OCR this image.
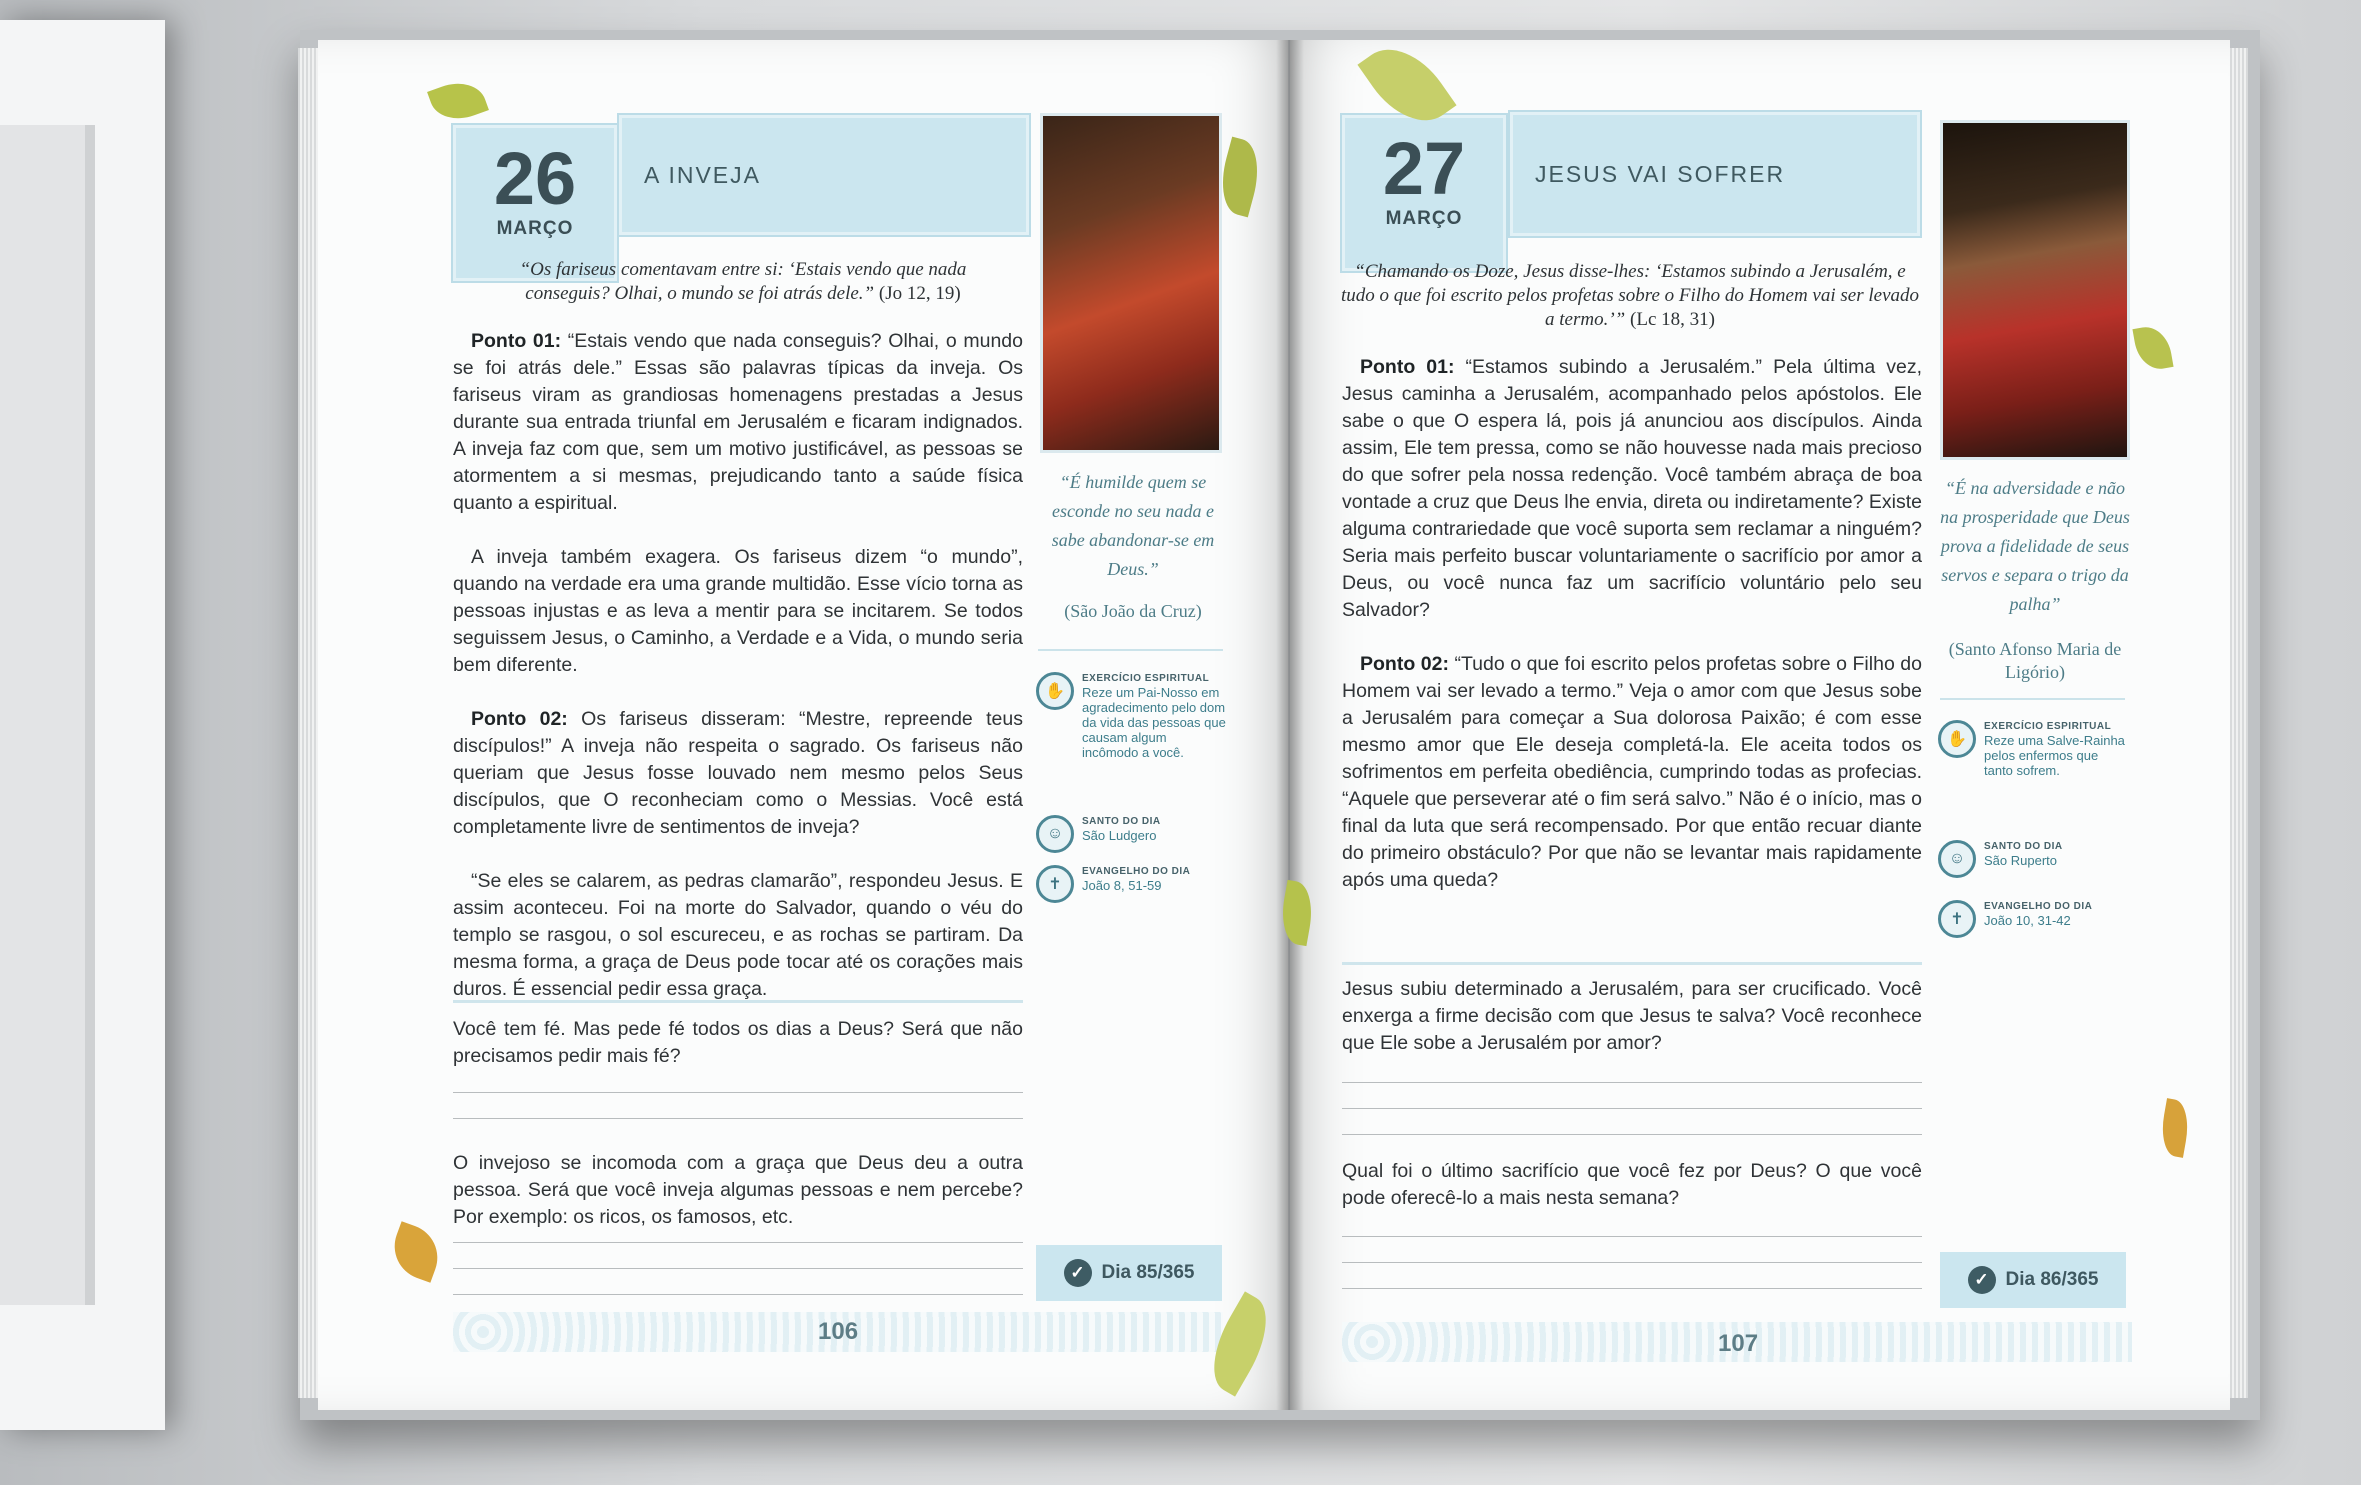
26
MARÇO
A INVEJA
“Os fariseus comentavam entre si: ‘Estais vendo que nada conseguis? Olhai, o mundo se foi atrás dele.” (Jo 12, 19)

Ponto 01: “Estais vendo que nada conseguis? Olhai, o mundo se foi atrás dele.” Essas são palavras típicas da inveja. Os fariseus viram as grandiosas homenagens prestadas a Jesus durante sua entrada triunfal em Jerusalém e ficaram indignados. A inveja faz com que, sem um motivo justificável, as pessoas se atormentem a si mesmas, prejudicando tanto a saúde física quanto a espiritual.

A inveja também exagera. Os fariseus dizem “o mundo”, quando na verdade era uma grande multidão. Esse vício torna as pessoas injustas e as leva a mentir para se incitarem. Se todos seguissem Jesus, o Caminho, a Verdade e a Vida, o mundo seria bem diferente.

Ponto 02: Os fariseus disseram: “Mestre, repreende teus discípulos!” A inveja não respeita o sagrado. Os fariseus não queriam que Jesus fosse louvado nem mesmo pelos Seus discípulos, que O reconheciam como o Messias. Você está completamente livre de sentimentos de inveja?

“Se eles se calarem, as pedras clamarão”, respondeu Jesus. E assim aconteceu. Foi na morte do Salvador, quando o véu do templo se rasgou, o sol escureceu, e as rochas se partiram. Da mesma forma, a graça de Deus pode tocar até os corações mais duros. É essencial pedir essa graça.

Você tem fé. Mas pede fé todos os dias a Deus? Será que não precisamos pedir mais fé?
O invejoso se incomoda com a graça que Deus deu a outra pessoa. Será que você inveja algumas pessoas e nem percebe? Por exemplo: os ricos, os famosos, etc.
“É humilde quem se esconde no seu nada e sabe abandonar-se em Deus.”
(São João da Cruz)
✋
EXERCÍCIO ESPIRITUAL
Reze um Pai-Nosso em agradecimento pelo dom da vida das pessoas que causam algum incômodo a você.
☺
SANTO DO DIA
São Ludgero
✝
EVANGELHO DO DIA
João 8, 51-59
✓ Dia 85/365
106
27
MARÇO
JESUS VAI SOFRER
“Chamando os Doze, Jesus disse-lhes: ‘Estamos subindo a Jerusalém, e tudo o que foi escrito pelos profetas sobre o Filho do Homem vai ser levado a termo.’” (Lc 18, 31)

Ponto 01: “Estamos subindo a Jerusalém.” Pela última vez, Jesus caminha a Jerusalém, acompanhado pelos apóstolos. Ele sabe o que O espera lá, pois já anunciou aos discípulos. Ainda assim, Ele tem pressa, como se não houvesse nada mais precioso do que sofrer pela nossa redenção. Você também abraça de boa vontade a cruz que Deus lhe envia, direta ou indiretamente? Existe alguma contrariedade que você suporta sem reclamar a ninguém? Seria mais perfeito buscar voluntariamente o sacrifício por amor a Deus, ou você nunca faz um sacrifício voluntário pelo seu Salvador?

Ponto 02: “Tudo o que foi escrito pelos profetas sobre o Filho do Homem vai ser levado a termo.” Veja o amor com que Jesus sobe a Jerusalém para começar a Sua dolorosa Paixão; é com esse mesmo amor que Ele deseja completá-la. Ele aceita todos os sofrimentos em perfeita obediência, cumprindo todas as profecias. “Aquele que perseverar até o fim será salvo.” Não é o início, mas o final da luta que será recompensado. Por que então recuar diante do primeiro obstáculo? Por que não se levantar mais rapidamente após uma queda?

Jesus subiu determinado a Jerusalém, para ser crucificado. Você enxerga a firme decisão com que Jesus te salva? Você reconhece que Ele sobe a Jerusalém por amor?
Qual foi o último sacrifício que você fez por Deus? O que você pode oferecê-lo a mais nesta semana?
“É na adversidade e não na prosperidade que Deus prova a fidelidade de seus servos e separa o trigo da palha”
(Santo Afonso Maria de Ligório)
✋
EXERCÍCIO ESPIRITUAL
Reze uma Salve-Rainha pelos enfermos que tanto sofrem.
☺
SANTO DO DIA
São Ruperto
✝
EVANGELHO DO DIA
João 10, 31-42
✓ Dia 86/365
107
